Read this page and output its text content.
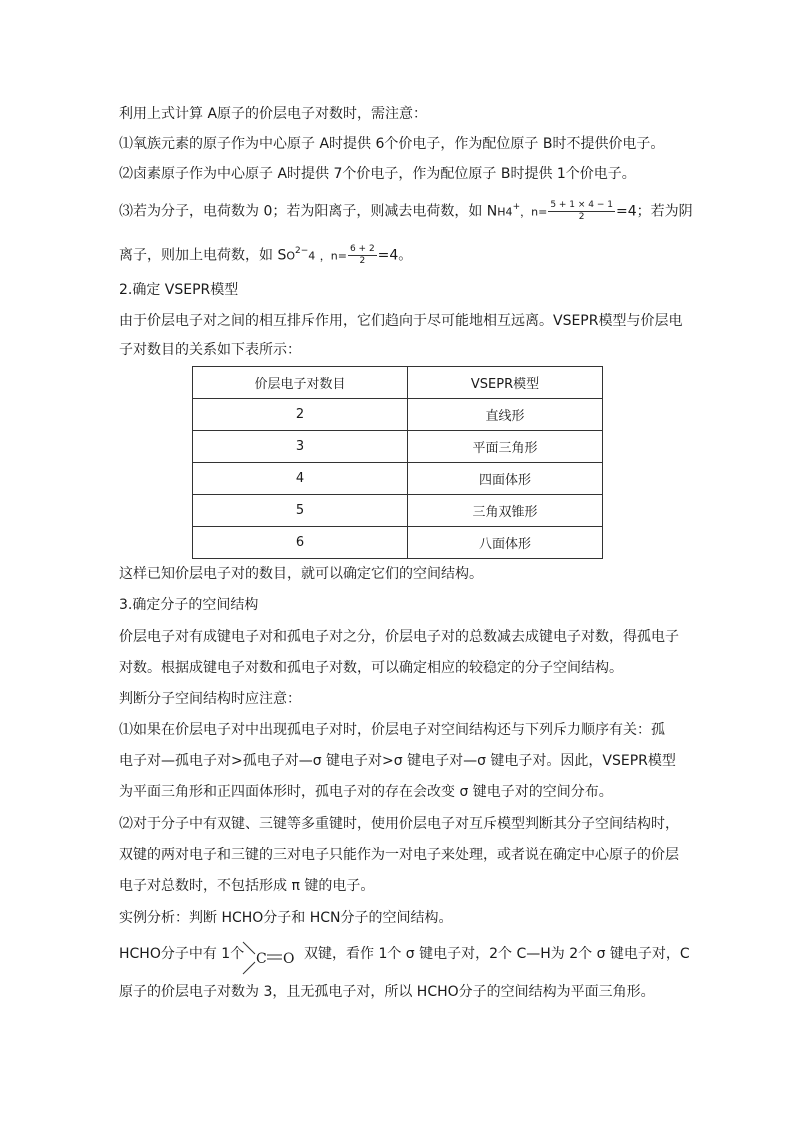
利用上式计算 A原子的价层电子对数时，需注意：
⑴氧族元素的原子作为中心原子 A时提供 6个价电子，作为配位原子 B时不提供价电子。
⑵卤素原子作为中心原子 A时提供 7个价电子，作为配位原子 B时提供 1个价电子。
⑶若为分子，电荷数为 0；若为阳离子，则减去电荷数，如 NH4+，$n= \frac{5 + 1 \times 4 - 1}{2} =4$；若为阴
离子，则加上电荷数，如 $SO^{2-}4$ ，$n= \frac{6 + 2}{2} =4$。
2.确定 VSEPR模型
由于价层电子对之间的相互排斥作用，它们趋向于尽可能地相互远离。VSEPR模型与价层电
子对数目的关系如下表所示：
价层电子对数目	VSEPR模型
2	直线形
3	平面三角形
4	四面体形
5	三角双锥形
6	八面体形
这样已知价层电子对的数目，就可以确定它们的空间结构。
3.确定分子的空间结构
价层电子对有成键电子对和孤电子对之分，价层电子对的总数减去成键电子对数，得孤电子
对数。根据成键电子对数和孤电子对数，可以确定相应的较稳定的分子空间结构。
判断分子空间结构时应注意：
⑴如果在价层电子对中出现孤电子对时，价层电子对空间结构还与下列斥力顺序有关：孤
电子对—孤电子对>孤电子对—σ 键电子对>σ 键电子对—σ 键电子对。因此，VSEPR模型
为平面三角形和正四面体形时，孤电子对的存在会改变 σ 键电子对的空间分布。
⑵对于分子中有双键、三键等多重键时，使用价层电子对互斥模型判断其分子空间结构时，
双键的两对电子和三键的三对电子只能作为一对电子来处理，或者说在确定中心原子的价层
电子对总数时，不包括形成 π 键的电子。
实例分析：判断 HCHO分子和 HCN分子的空间结构。
HCHO分子中有 1个 C O 双键，看作 1个 σ 键电子对，2个 C—H为 2个 σ 键电子对，C
原子的价层电子对数为 3，且无孤电子对，所以 HCHO分子的空间结构为平面三角形。
